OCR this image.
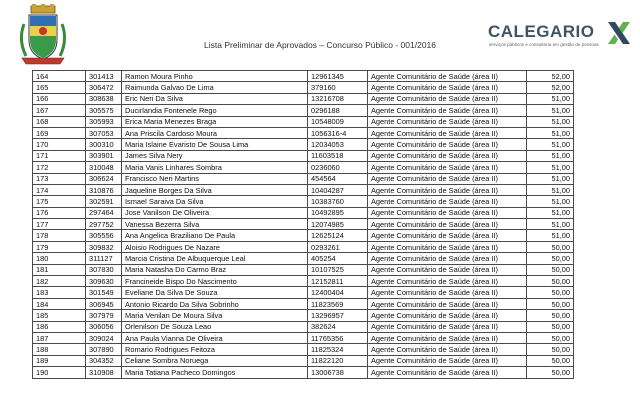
Lista Preliminar de Aprovados – Concurso Público - 001/2016
CALEGARIO
serviços públicos e consultoria em gestão de pessoas
164	301413	Ramon Moura Pinho	12961345	Agente Comunitário de Saúde (área II)	52,00
165	306472	Raimunda Galvao De Lima	379160	Agente Comunitário de Saúde (área II)	52,00
166	308638	Eric Neri Da Silva	13216708	Agente Comunitário de Saúde (área II)	51,00
167	305575	Ducirlandia Fontenele Rego	0296188	Agente Comunitário de Saúde (área II)	51,00
168	305993	Erica Maria Menezes Braga	10548009	Agente Comunitário de Saúde (área II)	51,00
169	307053	Ana Priscila Cardoso Moura	1056316-4	Agente Comunitário de Saúde (área II)	51,00
170	300310	Maria Islaine Evaristo De Sousa Lima	12034053	Agente Comunitário de Saúde (área II)	51,00
171	303901	James Silva Nery	11603518	Agente Comunitário de Saúde (área II)	51,00
172	310048	Maria Vanis Linhares Sombra	0236060	Agente Comunitário de Saúde (área II)	51,00
173	306624	Francisco Neri Martins	454564	Agente Comunitário de Saúde (área II)	51,00
174	310876	Jaqueline Borges Da Silva	10404287	Agente Comunitário de Saúde (área II)	51,00
175	302591	Ismael Saraiva Da Silva	10383760	Agente Comunitário de Saúde (área II)	51,00
176	297464	Jose Vanilson De Oliveira	10492895	Agente Comunitário de Saúde (área II)	51,00
177	297752	Vanessa Bezerra Silva	12074985	Agente Comunitário de Saúde (área II)	51,00
178	305556	Ana Angelica Braziliano De Paula	12625124	Agente Comunitário de Saúde (área II)	51,00
179	309832	Aloisio Rodrigues De Nazare	0293261	Agente Comunitário de Saúde (área II)	50,00
180	311127	Marcia Cristina De Albuquerque Leal	405254	Agente Comunitário de Saúde (área II)	50,00
181	307830	Maria Natasha Do Carmo Braz	10107525	Agente Comunitário de Saúde (área II)	50,00
182	309630	Francineide Bispo Do Nascimento	12152811	Agente Comunitário de Saúde (área II)	50,00
183	301549	Eveliane Da Silva De Souza	12400404	Agente Comunitário de Saúde (área II)	50,00
184	306945	Antonio Ricardo Da Silva Sobrinho	11823569	Agente Comunitário de Saúde (área II)	50,00
185	307979	Maria Venilan De Moura Silva	13296957	Agente Comunitário de Saúde (área II)	50,00
186	306056	Orlenilson De Souza Leao	382624	Agente Comunitário de Saúde (área II)	50,00
187	309024	Ana Paula Vianna De Oliveira	11765356	Agente Comunitário de Saúde (área II)	50,00
188	307890	Romario Rodrigues Feitoza	11825324	Agente Comunitário de Saúde (área II)	50,00
189	304352	Celiane Sombra Noruega	11822120	Agente Comunitário de Saúde (área II)	50,00
190	310908	Maria Tatiana Pacheco Domingos	13006738	Agente Comunitário de Saúde (área II)	50,00
